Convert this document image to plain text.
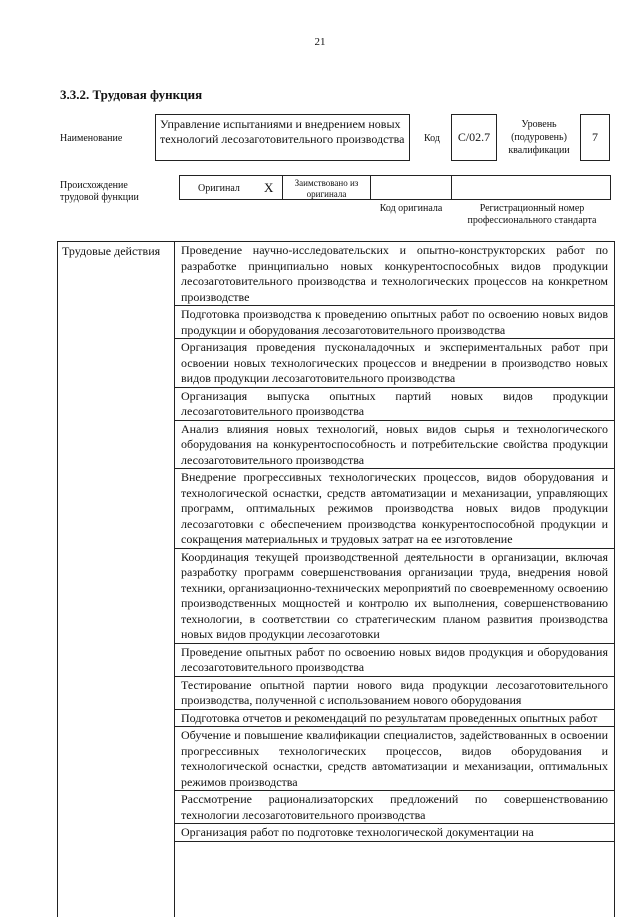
21
3.3.2. Трудовая функция
Наименование
Управление испытаниями и внедрением новых технологий лесозаготовительного производства	Код	C/02.7
Уровень (подуровень) квалификации
7
Происхождение трудовой функции
Оригинал X	Заимствовано из оригинала
Код оригинала	Регистрационный номер профессионального стандарта
Трудовые действия	Проведение научно-исследовательских и опытно-конструкторских работ по разработке принципиально новых конкурентоспособных видов продукции лесозаготовительного производства и технологических процессов на конкретном производстве
Подготовка производства к проведению опытных работ по освоению новых видов продукции и оборудования лесозаготовительного производства
Организация проведения пусконаладочных и экспериментальных работ при освоении новых технологических процессов и внедрении в производство новых видов продукции лесозаготовительного производства
Организация выпуска опытных партий новых видов продукции лесозаготовительного производства
Анализ влияния новых технологий, новых видов сырья и технологического оборудования на конкурентоспособность и потребительские свойства продукции лесозаготовительного производства
Внедрение прогрессивных технологических процессов, видов оборудования и технологической оснастки, средств автоматизации и механизации, управляющих программ, оптимальных режимов производства новых видов продукции лесозаготовки с обеспечением производства конкурентоспособной продукции и сокращения материальных и трудовых затрат на ее изготовление
Координация текущей производственной деятельности в организации, включая разработку программ совершенствования организации труда, внедрения новой техники, организационно-технических мероприятий по своевременному освоению производственных мощностей и контролю их выполнения, совершенствованию технологии, в соответствии со стратегическим планом развития производства новых видов продукции лесозаготовки
Проведение опытных работ по освоению новых видов продукция и оборудования лесозаготовительного производства
Тестирование опытной партии нового вида продукции лесозаготовительного производства, полученной с использованием нового оборудования
Подготовка отчетов и рекомендаций по результатам проведенных опытных работ
Обучение и повышение квалификации специалистов, задействованных в освоении прогрессивных технологических процессов, видов оборудования и технологической оснастки, средств автоматизации и механизации, оптимальных режимов производства
Рассмотрение рационализаторских предложений по совершенствованию технологии лесозаготовительного производства
Организация работ по подготовке технологической документации на
